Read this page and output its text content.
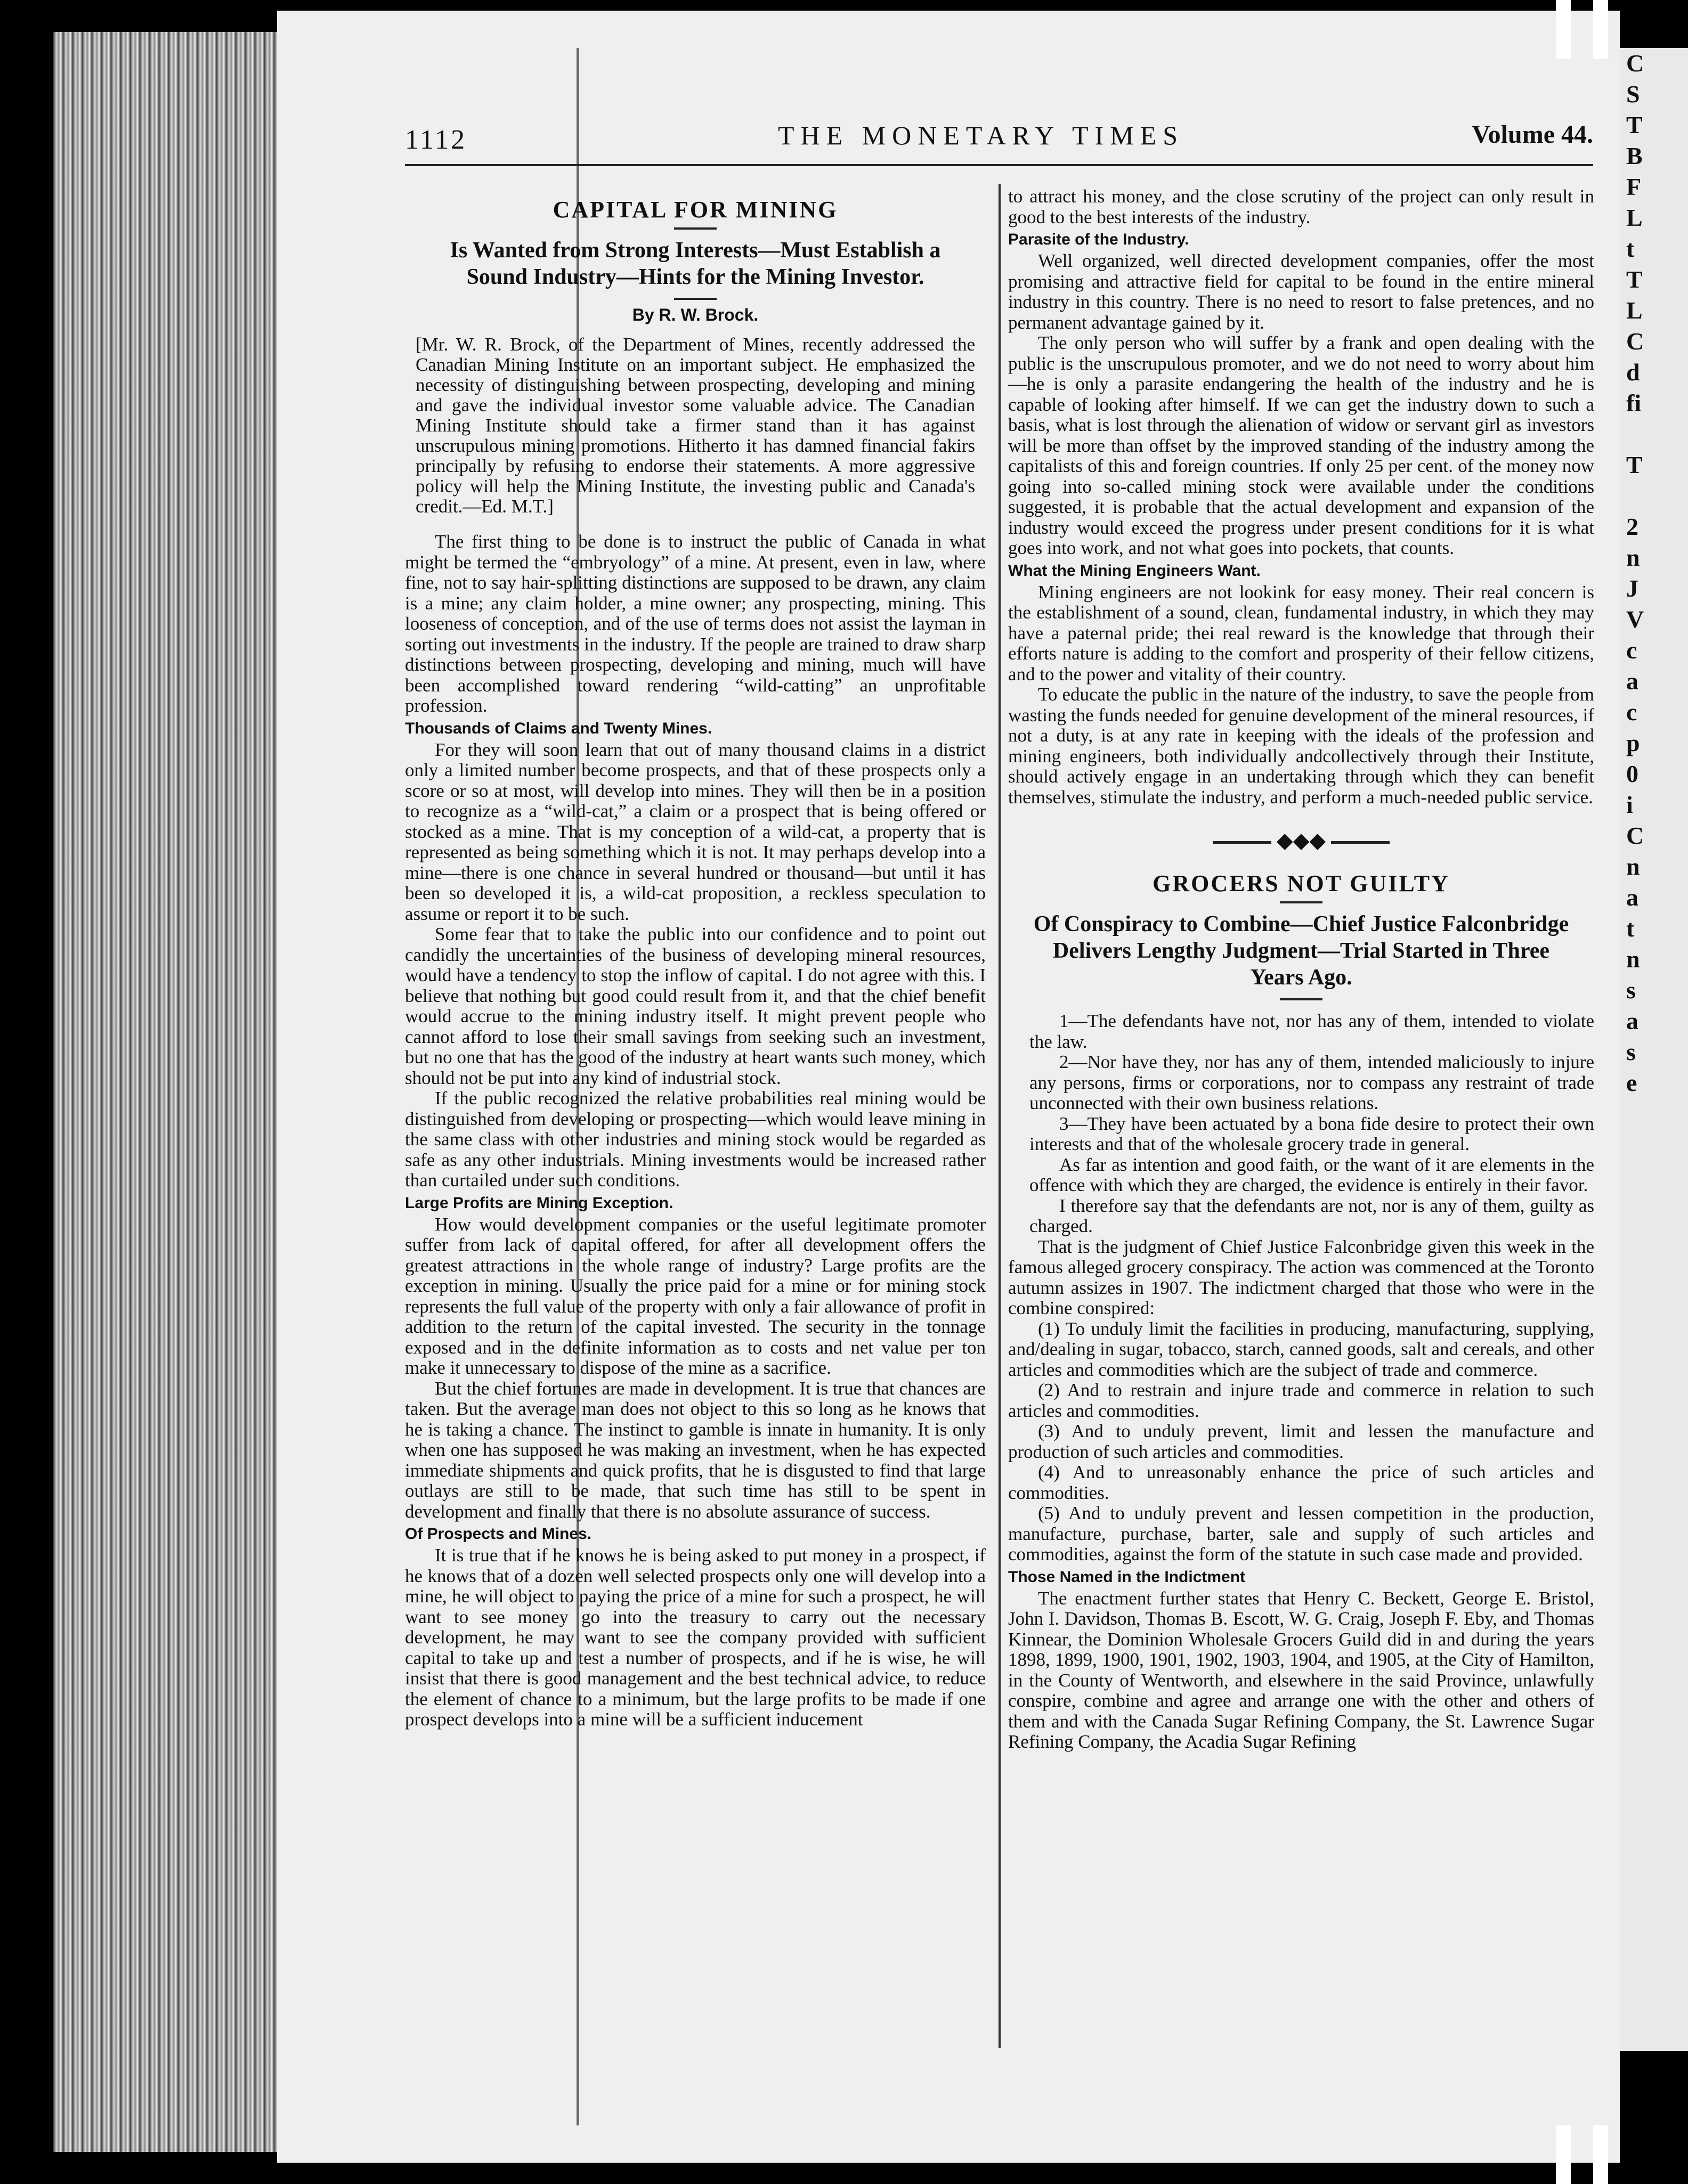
C
S
T
B
F
L
t
T
L
C
d
fi

T

2
n
J
V
c
a
c
p
0
i
C
n
a
t
n
s
a
s
e
1112	THE MONETARY TIMES	Volume 44.
CAPITAL FOR MINING
Is Wanted from Strong Interests—Must Establish a Sound Industry—Hints for the Mining Investor.
By R. W. Brock.

[Mr. W. R. Brock, of the Department of Mines, recently addressed the Canadian Mining Institute on an important subject. He emphasized the necessity of distinguishing between prospecting, developing and mining and gave the individual investor some valuable advice. The Canadian Mining Institute should take a firmer stand than it has against unscrupulous mining promotions. Hitherto it has damned financial fakirs principally by refusing to endorse their statements. A more aggressive policy will help the Mining Institute, the investing public and Canada's credit.—Ed. M.T.]

The first thing to be done is to instruct the public of Canada in what might be termed the “embryology” of a mine. At present, even in law, where fine, not to say hair-splitting distinctions are supposed to be drawn, any claim is a mine; any claim holder, a mine owner; any prospecting, mining. This looseness of conception, and of the use of terms does not assist the layman in sorting out investments in the industry. If the people are trained to draw sharp distinctions between prospecting, developing and mining, much will have been accomplished toward rendering “wild-catting” an unprofitable profession.

Thousands of Claims and Twenty Mines.

For they will soon learn that out of many thousand claims in a district only a limited number become prospects, and that of these prospects only a score or so at most, will develop into mines. They will then be in a position to recognize as a “wild-cat,” a claim or a prospect that is being offered or stocked as a mine. That is my conception of a wild-cat, a property that is represented as being something which it is not. It may perhaps develop into a mine—there is one chance in several hundred or thousand—but until it has been so developed it is, a wild-cat proposition, a reckless speculation to assume or report it to be such.

Some fear that to take the public into our confidence and to point out candidly the uncertainties of the business of developing mineral resources, would have a tendency to stop the inflow of capital. I do not agree with this. I believe that nothing but good could result from it, and that the chief benefit would accrue to the mining industry itself. It might prevent people who cannot afford to lose their small savings from seeking such an investment, but no one that has the good of the industry at heart wants such money, which should not be put into any kind of industrial stock.

If the public recognized the relative probabilities real mining would be distinguished from developing or prospecting—which would leave mining in the same class with other industries and mining stock would be regarded as safe as any other industrials. Mining investments would be increased rather than curtailed under such conditions.

Large Profits are Mining Exception.

How would development companies or the useful legitimate promoter suffer from lack of capital offered, for after all development offers the greatest attractions in the whole range of industry? Large profits are the exception in mining. Usually the price paid for a mine or for mining stock represents the full value of the property with only a fair allowance of profit in addition to the return of the capital invested. The security in the tonnage exposed and in the definite information as to costs and net value per ton make it unnecessary to dispose of the mine as a sacrifice.

But the chief fortunes are made in development. It is true that chances are taken. But the average man does not object to this so long as he knows that he is taking a chance. The instinct to gamble is innate in humanity. It is only when one has supposed he was making an investment, when he has expected immediate shipments and quick profits, that he is disgusted to find that large outlays are still to be made, that such time has still to be spent in development and finally that there is no absolute assurance of success.

Of Prospects and Mines.

It is true that if he knows he is being asked to put money in a prospect, if he knows that of a dozen well selected prospects only one will develop into a mine, he will object to paying the price of a mine for such a prospect, he will want to see money go into the treasury to carry out the necessary development, he may want to see the company provided with sufficient capital to take up and test a number of prospects, and if he is wise, he will insist that there is good management and the best technical advice, to reduce the element of chance to a minimum, but the large profits to be made if one prospect develops into a mine will be a sufficient inducement

to attract his money, and the close scrutiny of the project can only result in good to the best interests of the industry.

Parasite of the Industry.

Well organized, well directed development companies, offer the most promising and attractive field for capital to be found in the entire mineral industry in this country. There is no need to resort to false pretences, and no permanent advantage gained by it.

The only person who will suffer by a frank and open dealing with the public is the unscrupulous promoter, and we do not need to worry about him—he is only a parasite endangering the health of the industry and he is capable of looking after himself. If we can get the industry down to such a basis, what is lost through the alienation of widow or servant girl as investors will be more than offset by the improved standing of the industry among the capitalists of this and foreign countries. If only 25 per cent. of the money now going into so-called mining stock were available under the conditions suggested, it is probable that the actual development and expansion of the industry would exceed the progress under present conditions for it is what goes into work, and not what goes into pockets, that counts.

What the Mining Engineers Want.

Mining engineers are not lookink for easy money. Their real concern is the establishment of a sound, clean, fundamental industry, in which they may have a paternal pride; thei real reward is the knowledge that through their efforts nature is adding to the comfort and prosperity of their fellow citizens, and to the power and vitality of their country.

To educate the public in the nature of the industry, to save the people from wasting the funds needed for genuine development of the mineral resources, if not a duty, is at any rate in keeping with the ideals of the profession and mining engineers, both individually andcollectively through their Institute, should actively engage in an undertaking through which they can benefit themselves, stimulate the industry, and perform a much-needed public service.

◆◆◆
GROCERS NOT GUILTY
Of Conspiracy to Combine—Chief Justice Falconbridge Delivers Lengthy Judgment—Trial Started in Three Years Ago.

1—The defendants have not, nor has any of them, intended to violate the law.

2—Nor have they, nor has any of them, intended maliciously to injure any persons, firms or corporations, nor to compass any restraint of trade unconnected with their own business relations.

3—They have been actuated by a bona fide desire to protect their own interests and that of the wholesale grocery trade in general.

As far as intention and good faith, or the want of it are elements in the offence with which they are charged, the evidence is entirely in their favor.

I therefore say that the defendants are not, nor is any of them, guilty as charged.

That is the judgment of Chief Justice Falconbridge given this week in the famous alleged grocery conspiracy. The action was commenced at the Toronto autumn assizes in 1907. The indictment charged that those who were in the combine conspired:

(1) To unduly limit the facilities in producing, manufacturing, supplying, and/dealing in sugar, tobacco, starch, canned goods, salt and cereals, and other articles and commodities which are the subject of trade and commerce.

(2) And to restrain and injure trade and commerce in relation to such articles and commodities.

(3) And to unduly prevent, limit and lessen the manufacture and production of such articles and commodities.

(4) And to unreasonably enhance the price of such articles and commodities.

(5) And to unduly prevent and lessen competition in the production, manufacture, purchase, barter, sale and supply of such articles and commodities, against the form of the statute in such case made and provided.

Those Named in the Indictment

The enactment further states that Henry C. Beckett, George E. Bristol, John I. Davidson, Thomas B. Escott, W. G. Craig, Joseph F. Eby, and Thomas Kinnear, the Dominion Wholesale Grocers Guild did in and during the years 1898, 1899, 1900, 1901, 1902, 1903, 1904, and 1905, at the City of Hamilton, in the County of Wentworth, and elsewhere in the said Province, unlawfully conspire, combine and agree and arrange one with the other and others of them and with the Canada Sugar Refining Company, the St. Lawrence Sugar Refining Company, the Acadia Sugar Refining
